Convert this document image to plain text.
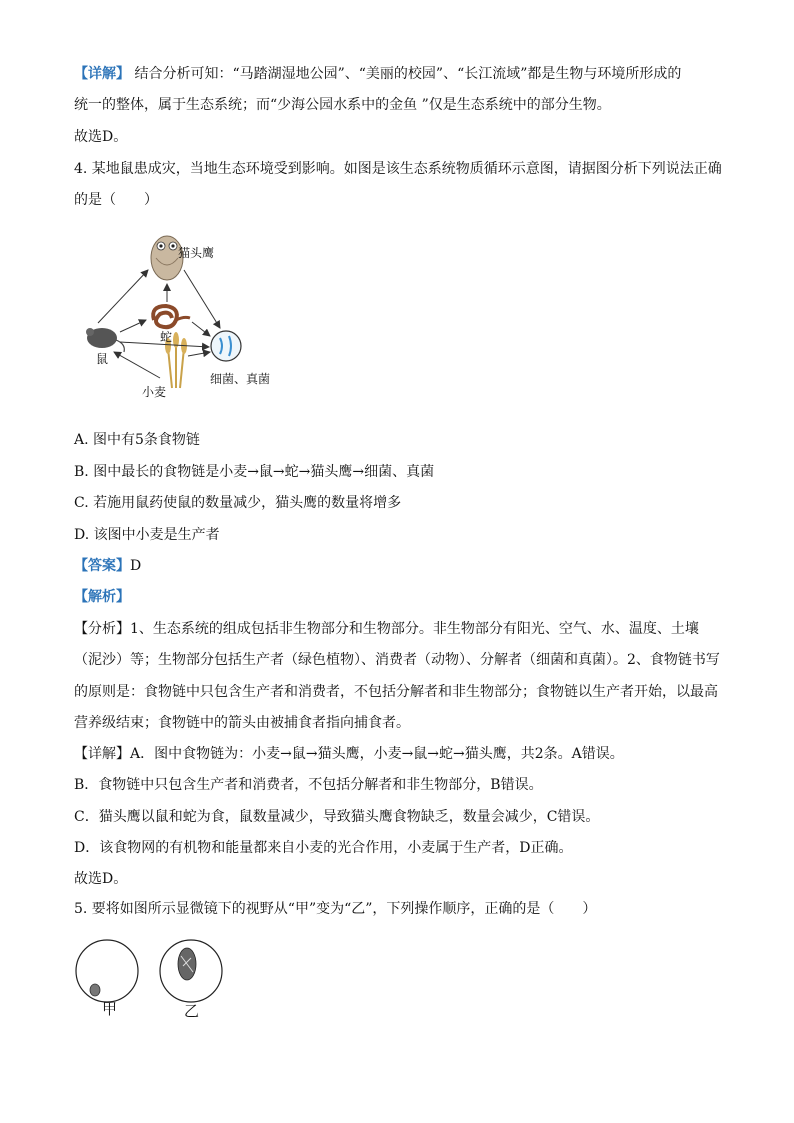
【详解】 结合分析可知：“马踏湖湿地公园”、“美丽的校园”、“长江流域”都是生物与环境所形成的
统一的整体，属于生态系统；而“少海公园水系中的金鱼 ”仅是生态系统中的部分生物。
故选D。
4. 某地鼠患成灾，当地生态环境受到影响。如图是该生态系统物质循环示意图，请据图分析下列说法正确
的是（　　）
猫头鹰
蛇
鼠
小麦
细菌、真菌
A. 图中有5条食物链
B. 图中最长的食物链是小麦→鼠→蛇→猫头鹰→细菌、真菌
C. 若施用鼠药使鼠的数量减少，猫头鹰的数量将增多
D. 该图中小麦是生产者
【答案】D
【解析】
【分析】1、生态系统的组成包括非生物部分和生物部分。非生物部分有阳光、空气、水、温度、土壤
（泥沙）等；生物部分包括生产者（绿色植物）、消费者（动物）、分解者（细菌和真菌）。2、食物链书写
的原则是：食物链中只包含生产者和消费者，不包括分解者和非生物部分；食物链以生产者开始，以最高
营养级结束；食物链中的箭头由被捕食者指向捕食者。
【详解】A．图中食物链为：小麦→鼠→猫头鹰，小麦→鼠→蛇→猫头鹰，共2条。A错误。
B．食物链中只包含生产者和消费者，不包括分解者和非生物部分，B错误。
C．猫头鹰以鼠和蛇为食，鼠数量减少，导致猫头鹰食物缺乏，数量会减少，C错误。
D．该食物网的有机物和能量都来自小麦的光合作用，小麦属于生产者，D正确。
故选D。
5. 要将如图所示显微镜下的视野从“甲”变为“乙”，下列操作顺序，正确的是（　　）
甲	乙
